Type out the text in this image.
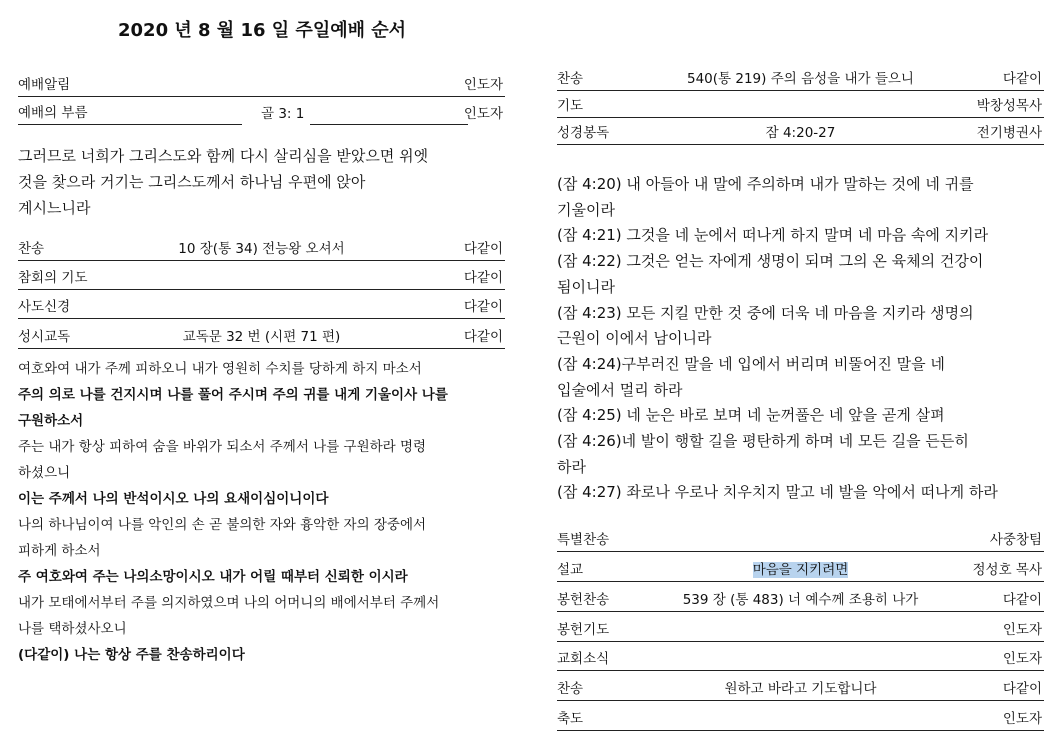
2020 년 8 월 16 일 주일예배 순서
예배알림	인도자
예배의 부름	골 3: 1	인도자
그러므로 너희가 그리스도와 함께 다시 살리심을 받았으면 위엣
것을 찾으라 거기는 그리스도께서 하나님 우편에 앉아
계시느니라
찬송	10 장(통 34) 전능왕 오셔서	다같이
참회의 기도	다같이
사도신경	다같이
성시교독	교독문 32 번 (시편 71 편)	다같이
여호와여 내가 주께 피하오니 내가 영원히 수치를 당하게 하지 마소서
주의 의로 나를 건지시며 나를 풀어 주시며 주의 귀를 내게 기울이사 나를
구원하소서
주는 내가 항상 피하여 숨을 바위가 되소서 주께서 나를 구원하라 명령
하셨으니
이는 주께서 나의 반석이시오 나의 요새이심이니이다
나의 하나님이여 나를 악인의 손 곧 불의한 자와 흉악한 자의 장중에서
피하게 하소서
주 여호와여 주는 나의소망이시오 내가 어릴 때부터 신뢰한 이시라
내가 모태에서부터 주를 의지하였으며 나의 어머니의 배에서부터 주께서
나를 택하셨사오니
(다같이) 나는 항상 주를 찬송하리이다
찬송	540(통 219) 주의 음성을 내가 들으니	다같이
기도	박창성목사
성경봉독	잠 4:20-27	전기병권사
(잠 4:20) 내 아들아 내 말에 주의하며 내가 말하는 것에 네 귀를
기울이라
(잠 4:21) 그것을 네 눈에서 떠나게 하지 말며 네 마음 속에 지키라
(잠 4:22) 그것은 얻는 자에게 생명이 되며 그의 온 육체의 건강이
됨이니라
(잠 4:23) 모든 지킬 만한 것 중에 더욱 네 마음을 지키라 생명의
근원이 이에서 남이니라
(잠 4:24)구부러진 말을 네 입에서 버리며 비뚤어진 말을 네
입술에서 멀리 하라
(잠 4:25) 네 눈은 바로 보며 네 눈꺼풀은 네 앞을 곧게 살펴
(잠 4:26)네 발이 행할 길을 평탄하게 하며 네 모든 길을 든든히
하라
(잠 4:27) 좌로나 우로나 치우치지 말고 네 발을 악에서 떠나게 하라
특별찬송	사중창팀
설교	마음을 지키려면	정성호 목사
봉헌찬송	539 장 (통 483) 너 예수께 조용히 나가	다같이
봉헌기도	인도자
교회소식	인도자
찬송	원하고 바라고 기도합니다	다같이
축도	인도자
